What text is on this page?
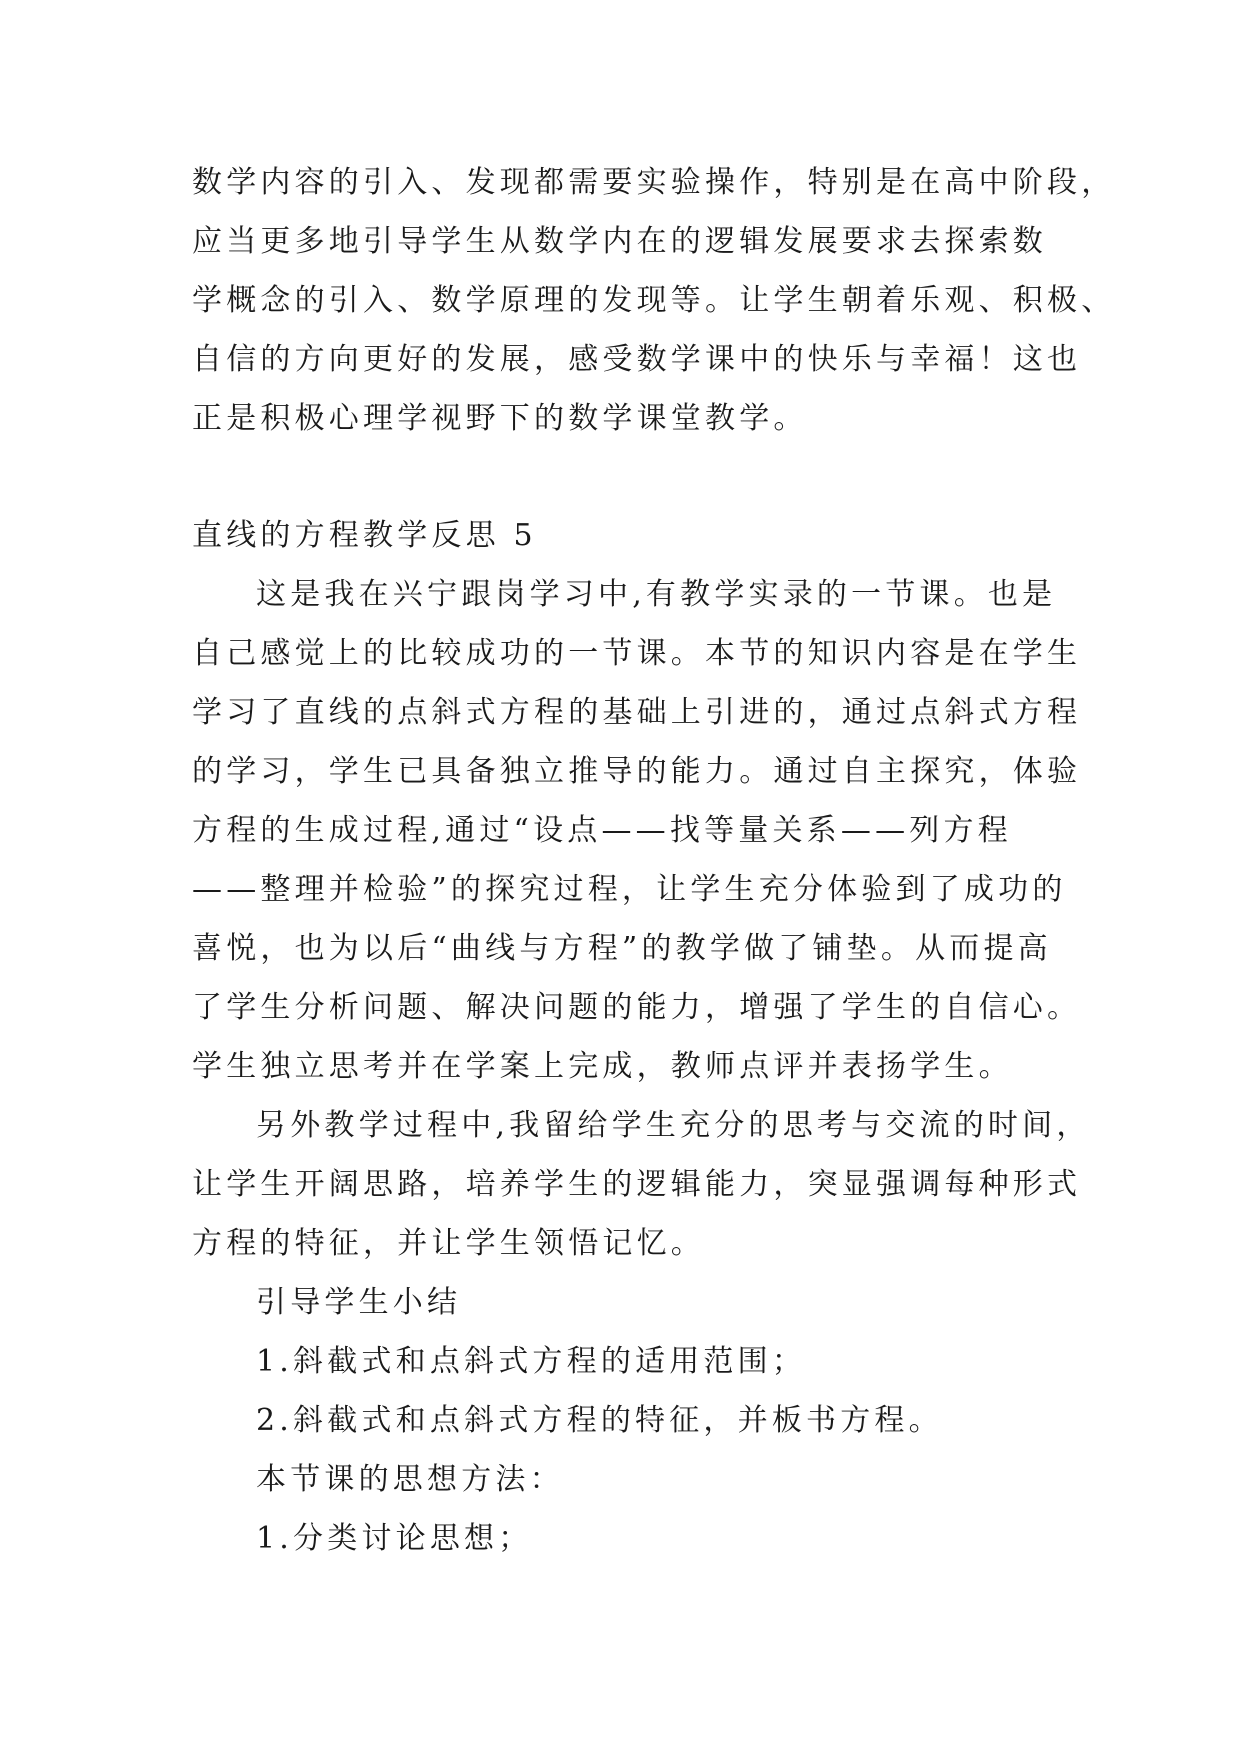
数学内容的引入、发现都需要实验操作，特别是在高中阶段，
应当更多地引导学生从数学内在的逻辑发展要求去探索数
学概念的引入、数学原理的发现等。让学生朝着乐观、积极、
自信的方向更好的发展，感受数学课中的快乐与幸福！这也
正是积极心理学视野下的数学课堂教学。
直线的方程教学反思 5
这是我在兴宁跟岗学习中,有教学实录的一节课。也是
自己感觉上的比较成功的一节课。本节的知识内容是在学生
学习了直线的点斜式方程的基础上引进的，通过点斜式方程
的学习，学生已具备独立推导的能力。通过自主探究，体验
方程的生成过程,通过“设点——找等量关系——列方程
——整理并检验”的探究过程，让学生充分体验到了成功的
喜悦，也为以后“曲线与方程”的教学做了铺垫。从而提高
了学生分析问题、解决问题的能力，增强了学生的自信心。
学生独立思考并在学案上完成，教师点评并表扬学生。
另外教学过程中,我留给学生充分的思考与交流的时间，
让学生开阔思路，培养学生的逻辑能力，突显强调每种形式
方程的特征，并让学生领悟记忆。
引导学生小结
1.斜截式和点斜式方程的适用范围；
2.斜截式和点斜式方程的特征，并板书方程。
本节课的思想方法：
1.分类讨论思想；
